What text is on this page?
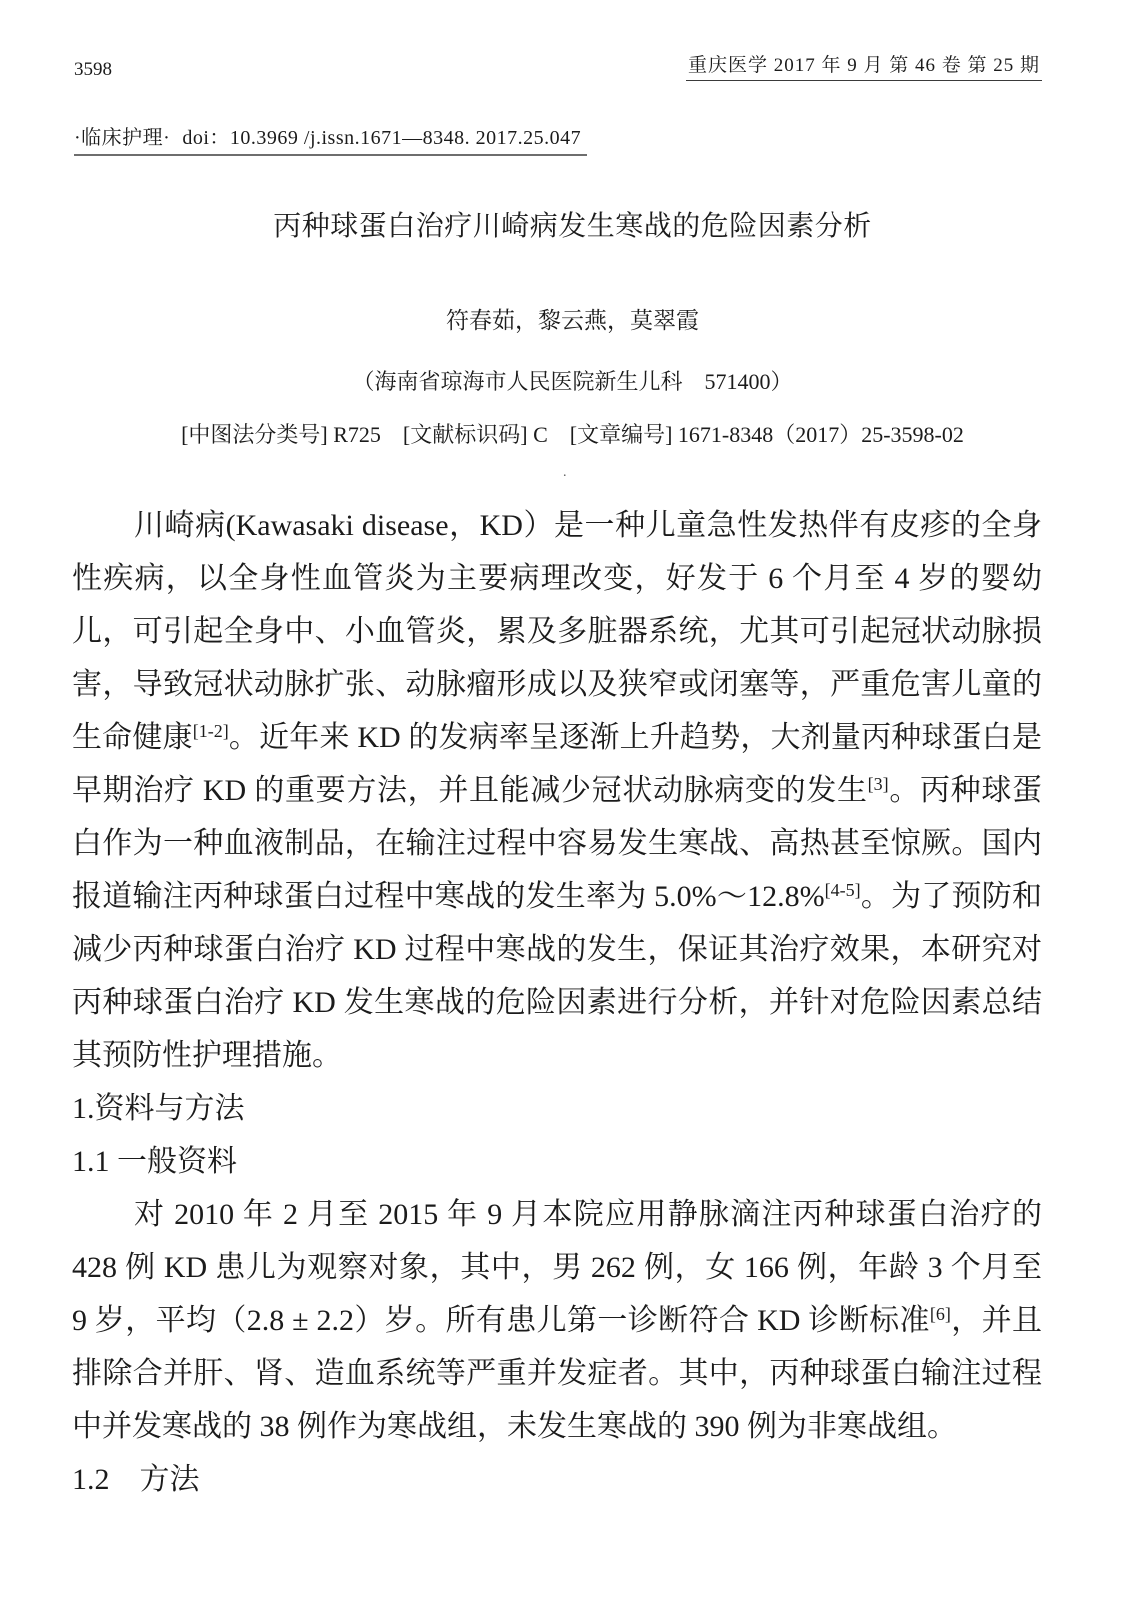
3598	重庆医学 2017 年 9 月 第 46 卷 第 25 期
·临床护理· doi：10.3969 /j.issn.1671—8348. 2017.25.047
丙种球蛋白治疗川崎病发生寒战的危险因素分析
符春茹，黎云燕，莫翠霞
（海南省琼海市人民医院新生儿科　571400）
[中图法分类号] R725　[文献标识码] C　[文章编号] 1671-8348（2017）25-3598-02
.

川崎病(Kawasaki disease，KD）是一种儿童急性发热伴有皮疹的全身性疾病，以全身性血管炎为主要病理改变，好发于 6 个月至 4 岁的婴幼儿，可引起全身中、小血管炎，累及多脏器系统，尤其可引起冠状动脉损害，导致冠状动脉扩张、动脉瘤形成以及狭窄或闭塞等，严重危害儿童的生命健康[1-2]。近年来 KD 的发病率呈逐渐上升趋势，大剂量丙种球蛋白是早期治疗 KD 的重要方法，并且能减少冠状动脉病变的发生[3]。丙种球蛋白作为一种血液制品，在输注过程中容易发生寒战、高热甚至惊厥。国内报道输注丙种球蛋白过程中寒战的发生率为 5.0%～12.8%[4-5]。为了预防和减少丙种球蛋白治疗 KD 过程中寒战的发生，保证其治疗效果，本研究对丙种球蛋白治疗 KD 发生寒战的危险因素进行分析，并针对危险因素总结其预防性护理措施。

1.资料与方法
1.1 一般资料

对 2010 年 2 月至 2015 年 9 月本院应用静脉滴注丙种球蛋白治疗的 428 例 KD 患儿为观察对象，其中，男 262 例，女 166 例，年龄 3 个月至 9 岁，平均（2.8 ± 2.2）岁。所有患儿第一诊断符合 KD 诊断标准[6]，并且排除合并肝、肾、造血系统等严重并发症者。其中，丙种球蛋白输注过程中并发寒战的 38 例作为寒战组，未发生寒战的 390 例为非寒战组。

1.2　方法
